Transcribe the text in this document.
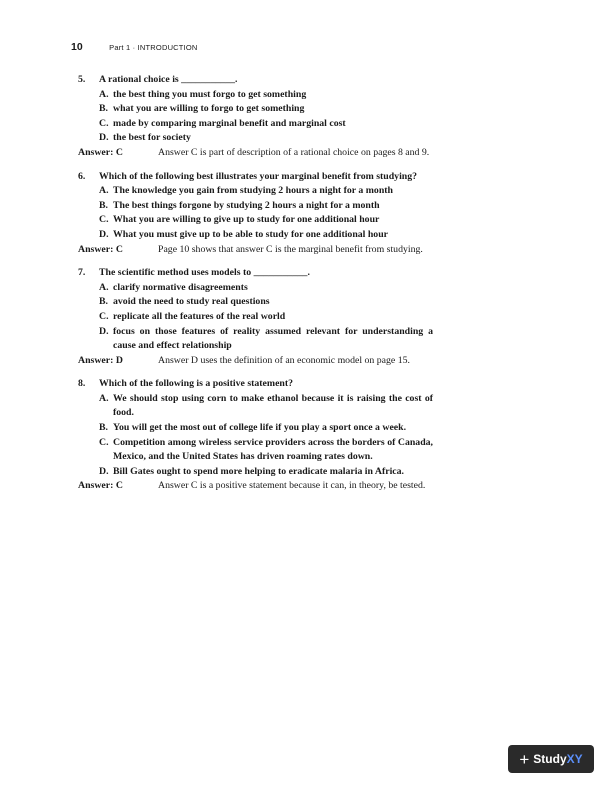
10	Part 1 · INTRODUCTION
5. A rational choice is ___________.
A. the best thing you must forgo to get something
B. what you are willing to forgo to get something
C. made by comparing marginal benefit and marginal cost
D. the best for society
Answer: C	Answer C is part of description of a rational choice on pages 8 and 9.
6. Which of the following best illustrates your marginal benefit from studying?
A. The knowledge you gain from studying 2 hours a night for a month
B. The best things forgone by studying 2 hours a night for a month
C. What you are willing to give up to study for one additional hour
D. What you must give up to be able to study for one additional hour
Answer: C	Page 10 shows that answer C is the marginal benefit from studying.
7. The scientific method uses models to ___________.
A. clarify normative disagreements
B. avoid the need to study real questions
C. replicate all the features of the real world
D. focus on those features of reality assumed relevant for understanding a cause and effect relationship
Answer: D	Answer D uses the definition of an economic model on page 15.
8. Which of the following is a positive statement?
A. We should stop using corn to make ethanol because it is raising the cost of food.
B. You will get the most out of college life if you play a sport once a week.
C. Competition among wireless service providers across the borders of Canada, Mexico, and the United States has driven roaming rates down.
D. Bill Gates ought to spend more helping to eradicate malaria in Africa.
Answer: C	Answer C is a positive statement because it can, in theory, be tested.
+ Study XY
